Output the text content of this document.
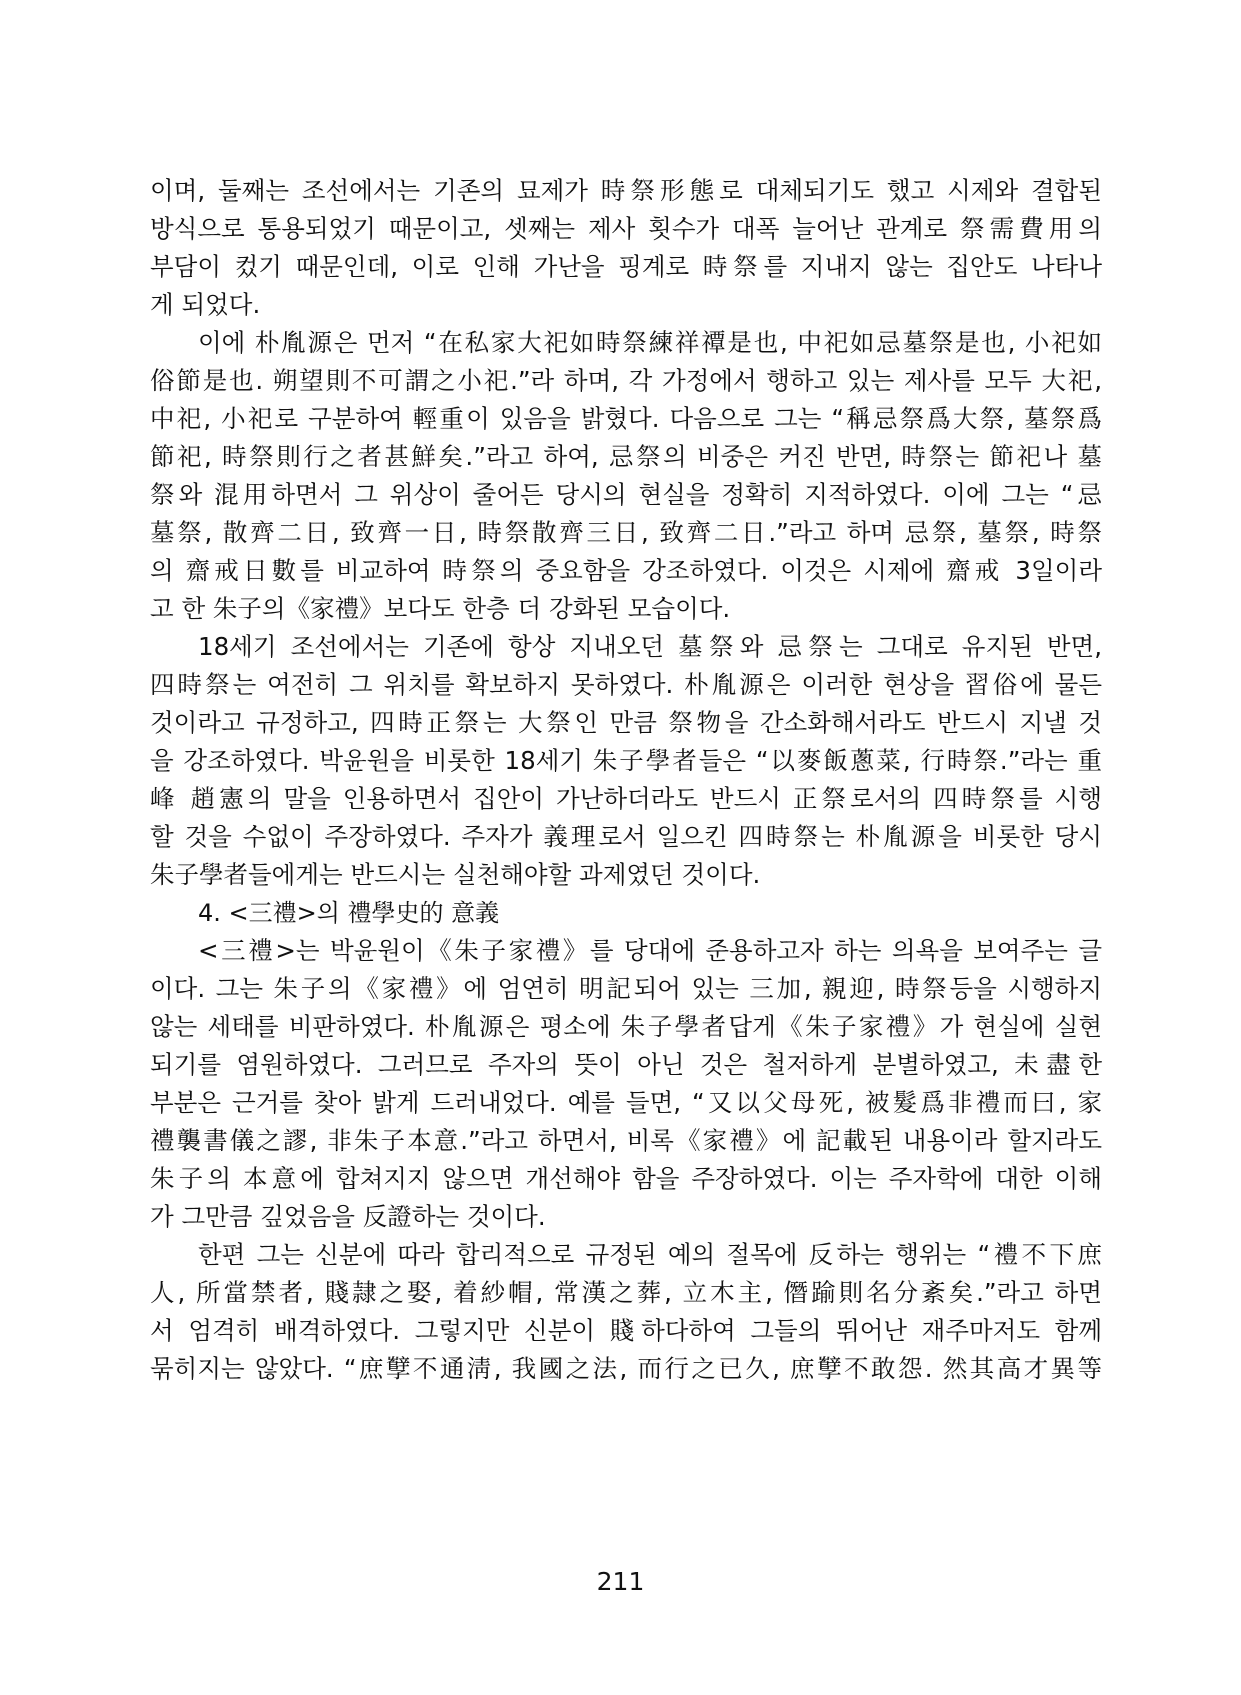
이며, 둘째는 조선에서는 기존의 묘제가 時祭形態로 대체되기도 했고 시제와 결합된
방식으로 통용되었기 때문이고, 셋째는 제사 횟수가 대폭 늘어난 관계로 祭需費用의
부담이 컸기 때문인데, 이로 인해 가난을 핑계로 時祭를 지내지 않는 집안도 나타나
게 되었다.

이에 朴胤源은 먼저 “在私家大祀如時祭練祥禫是也, 中祀如忌墓祭是也, 小祀如
俗節是也. 朔望則不可謂之小祀.”라 하며, 각 가정에서 행하고 있는 제사를 모두 大祀,
中祀, 小祀로 구분하여 輕重이 있음을 밝혔다. 다음으로 그는 “稱忌祭爲大祭, 墓祭爲
節祀, 時祭則行之者甚鮮矣.”라고 하여, 忌祭의 비중은 커진 반면, 時祭는 節祀나 墓
祭와 混用하면서 그 위상이 줄어든 당시의 현실을 정확히 지적하였다. 이에 그는 “忌
墓祭, 散齊二日, 致齊一日, 時祭散齊三日, 致齊二日.”라고 하며 忌祭, 墓祭, 時祭
의 齋戒日數를 비교하여 時祭의 중요함을 강조하였다. 이것은 시제에 齋戒 3일이라
고 한 朱子의《家禮》보다도 한층 더 강화된 모습이다.

18세기 조선에서는 기존에 항상 지내오던 墓祭와 忌祭는 그대로 유지된 반면,
四時祭는 여전히 그 위치를 확보하지 못하였다. 朴胤源은 이러한 현상을 習俗에 물든
것이라고 규정하고, 四時正祭는 大祭인 만큼 祭物을 간소화해서라도 반드시 지낼 것
을 강조하였다. 박윤원을 비롯한 18세기 朱子學者들은 “以麥飯蔥菜, 行時祭.”라는 重
峰 趙憲의 말을 인용하면서 집안이 가난하더라도 반드시 正祭로서의 四時祭를 시행
할 것을 수없이 주장하였다. 주자가 義理로서 일으킨 四時祭는 朴胤源을 비롯한 당시
朱子學者들에게는 반드시는 실천해야할 과제였던 것이다.

4. <三禮>의 禮學史的 意義

<三禮>는 박윤원이《朱子家禮》를 당대에 준용하고자 하는 의욕을 보여주는 글
이다. 그는 朱子의《家禮》에 엄연히 明記되어 있는 三加, 親迎, 時祭등을 시행하지
않는 세태를 비판하였다. 朴胤源은 평소에 朱子學者답게《朱子家禮》가 현실에 실현
되기를 염원하였다. 그러므로 주자의 뜻이 아닌 것은 철저하게 분별하였고, 未盡한
부분은 근거를 찾아 밝게 드러내었다. 예를 들면, “又以父母死, 被髮爲非禮而曰, 家
禮襲書儀之謬, 非朱子本意.”라고 하면서, 비록《家禮》에 記載된 내용이라 할지라도
朱子의 本意에 합쳐지지 않으면 개선해야 함을 주장하였다. 이는 주자학에 대한 이해
가 그만큼 깊었음을 反證하는 것이다.

한편 그는 신분에 따라 합리적으로 규정된 예의 절목에 反하는 행위는 “禮不下庶
人, 所當禁者, 賤隷之娶, 着紗帽, 常漢之葬, 立木主, 僭踰則名分紊矣.”라고 하면
서 엄격히 배격하였다. 그렇지만 신분이 賤하다하여 그들의 뛰어난 재주마저도 함께
묶히지는 않았다. “庶孼不通淸, 我國之法, 而行之已久, 庶孼不敢怨. 然其高才異等

211
